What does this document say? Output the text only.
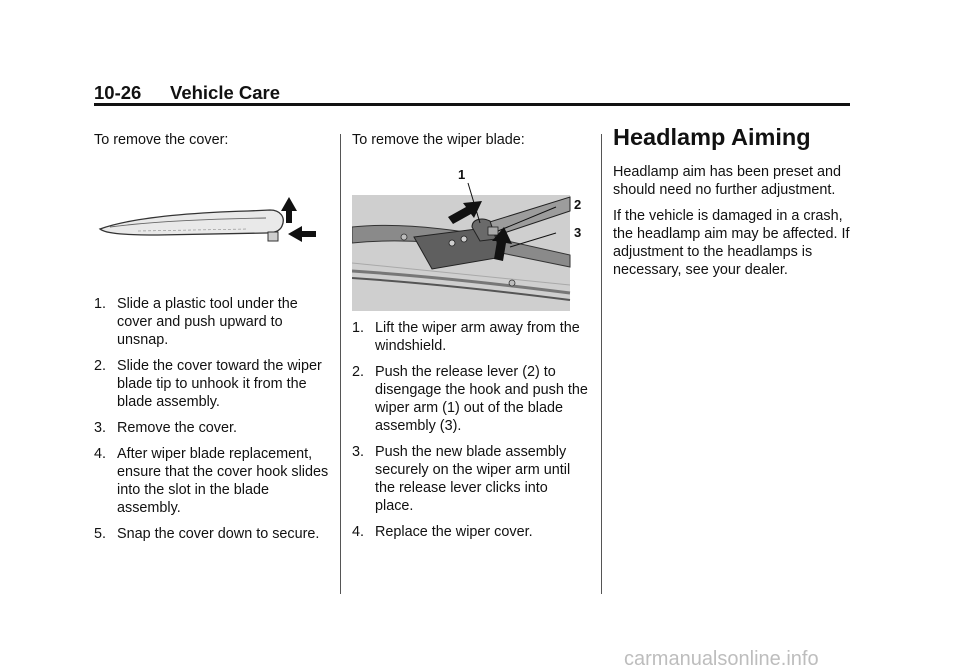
10-26 Vehicle Care

To remove the cover:

1. Slide a plastic tool under the cover and push upward to unsnap.
2. Slide the cover toward the wiper blade tip to unhook it from the blade assembly.
3. Remove the cover.
4. After wiper blade replacement, ensure that the cover hook slides into the slot in the blade assembly.
5. Snap the cover down to secure.

To remove the wiper blade:

1
2
3
1. Lift the wiper arm away from the windshield.
2. Push the release lever (2) to disengage the hook and push the wiper arm (1) out of the blade assembly (3).
3. Push the new blade assembly securely on the wiper arm until the release lever clicks into place.
4. Replace the wiper cover.
Headlamp Aiming

Headlamp aim has been preset and should need no further adjustment.

If the vehicle is damaged in a crash, the headlamp aim may be affected. If adjustment to the headlamps is necessary, see your dealer.

carmanualsonline.info
